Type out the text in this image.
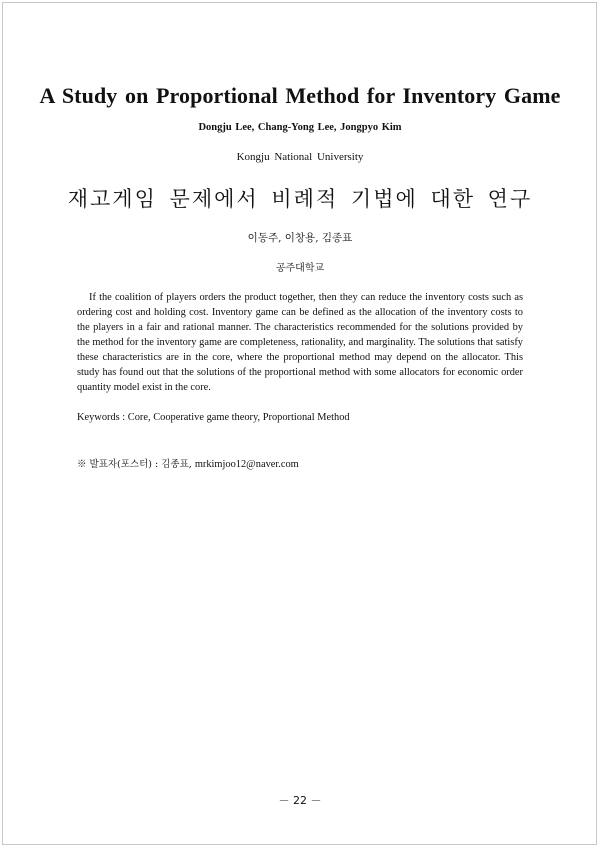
A Study on Proportional Method for Inventory Game
Dongju Lee, Chang-Yong Lee, Jongpyo Kim
Kongju National University
재고게임 문제에서 비례적 기법에 대한 연구
이동주, 이창용, 김종표
공주대학교

If the coalition of players orders the product together, then they can reduce the inventory costs such as ordering cost and holding cost. Inventory game can be defined as the allocation of the inventory costs to the players in a fair and rational manner. The characteristics recommended for the solutions provided by the method for the inventory game are completeness, rationality, and marginality. The solutions that satisfy these characteristics are in the core, where the proportional method may depend on the allocator. This study has found out that the solutions of the proportional method with some allocators for economic order quantity model exist in the core.

Keywords : Core, Cooperative game theory, Proportional Method

※ 발표자(포스터) : 김종표, mrkimjoo12@naver.com

－ 22 －
